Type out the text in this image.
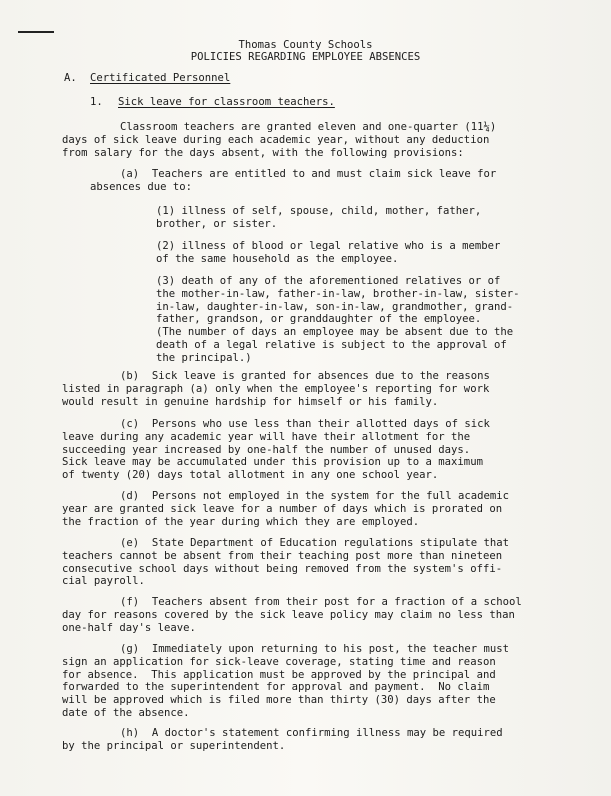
Thomas County Schools
POLICIES REGARDING EMPLOYEE ABSENCES
A. Certificated Personnel
1. Sick leave for classroom teachers.
Classroom teachers are granted eleven and one-quarter (11¼)
days of sick leave during each academic year, without any deduction
from salary for the days absent, with the following provisions:
(a)  Teachers are entitled to and must claim sick leave for
absences due to:
(1) illness of self, spouse, child, mother, father,
brother, or sister.
(2) illness of blood or legal relative who is a member
of the same household as the employee.
(3) death of any of the aforementioned relatives or of
the mother-in-law, father-in-law, brother-in-law, sister-
in-law, daughter-in-law, son-in-law, grandmother, grand-
father, grandson, or granddaughter of the employee.
(The number of days an employee may be absent due to the
death of a legal relative is subject to the approval of
the principal.)
(b)  Sick leave is granted for absences due to the reasons
listed in paragraph (a) only when the employee's reporting for work
would result in genuine hardship for himself or his family.
(c)  Persons who use less than their allotted days of sick
leave during any academic year will have their allotment for the
succeeding year increased by one-half the number of unused days.
Sick leave may be accumulated under this provision up to a maximum
of twenty (20) days total allotment in any one school year.
(d)  Persons not employed in the system for the full academic
year are granted sick leave for a number of days which is prorated on
the fraction of the year during which they are employed.
(e)  State Department of Education regulations stipulate that
teachers cannot be absent from their teaching post more than nineteen
consecutive school days without being removed from the system's offi-
cial payroll.
(f)  Teachers absent from their post for a fraction of a school
day for reasons covered by the sick leave policy may claim no less than
one-half day's leave.
(g)  Immediately upon returning to his post, the teacher must
sign an application for sick-leave coverage, stating time and reason
for absence.  This application must be approved by the principal and
forwarded to the superintendent for approval and payment.  No claim
will be approved which is filed more than thirty (30) days after the
date of the absence.
(h)  A doctor's statement confirming illness may be required
by the principal or superintendent.
